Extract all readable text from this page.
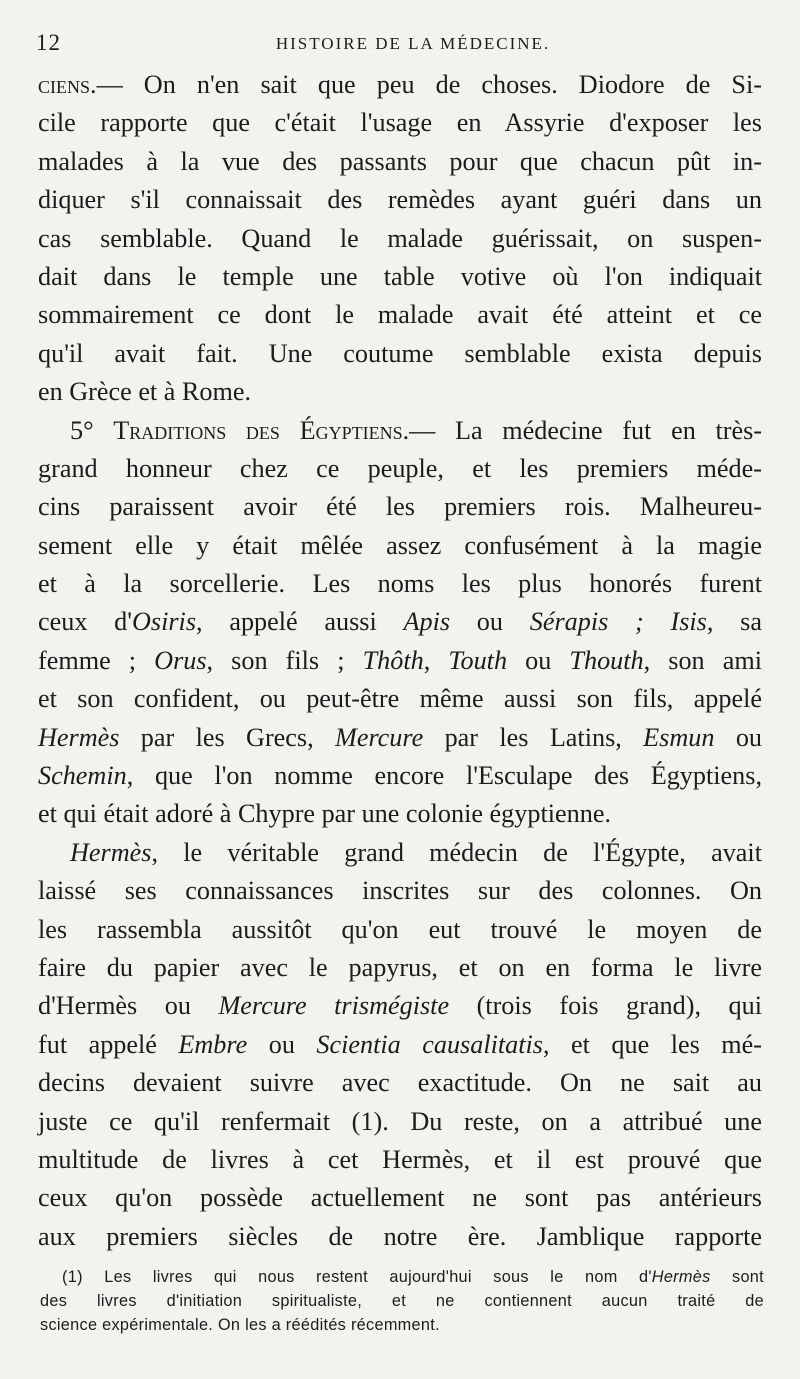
12	HISTOIRE DE LA MÉDECINE.
ciens.— On n'en sait que peu de choses. Diodore de Si-
cile rapporte que c'était l'usage en Assyrie d'exposer les
malades à la vue des passants pour que chacun pût in-
diquer s'il connaissait des remèdes ayant guéri dans un
cas semblable. Quand le malade guérissait, on suspen-
dait dans le temple une table votive où l'on indiquait
sommairement ce dont le malade avait été atteint et ce
qu'il avait fait. Une coutume semblable exista depuis
en Grèce et à Rome.
5° Traditions des Égyptiens.— La médecine fut en très-
grand honneur chez ce peuple, et les premiers méde-
cins paraissent avoir été les premiers rois. Malheureu-
sement elle y était mêlée assez confusément à la magie
et à la sorcellerie. Les noms les plus honorés furent
ceux d'Osiris, appelé aussi Apis ou Sérapis ; Isis, sa
femme ; Orus, son fils ; Thôth, Touth ou Thouth, son ami
et son confident, ou peut-être même aussi son fils, appelé
Hermès par les Grecs, Mercure par les Latins, Esmun ou
Schemin, que l'on nomme encore l'Esculape des Égyptiens,
et qui était adoré à Chypre par une colonie égyptienne.
Hermès, le véritable grand médecin de l'Égypte, avait
laissé ses connaissances inscrites sur des colonnes. On
les rassembla aussitôt qu'on eut trouvé le moyen de
faire du papier avec le papyrus, et on en forma le livre
d'Hermès ou Mercure trismégiste (trois fois grand), qui
fut appelé Embre ou Scientia causalitatis, et que les mé-
decins devaient suivre avec exactitude. On ne sait au
juste ce qu'il renfermait (1). Du reste, on a attribué une
multitude de livres à cet Hermès, et il est prouvé que
ceux qu'on possède actuellement ne sont pas antérieurs
aux premiers siècles de notre ère. Jamblique rapporte
(1) Les livres qui nous restent aujourd'hui sous le nom d'Hermès sont
des livres d'initiation spiritualiste, et ne contiennent aucun traité de
science expérimentale. On les a réédités récemment.
